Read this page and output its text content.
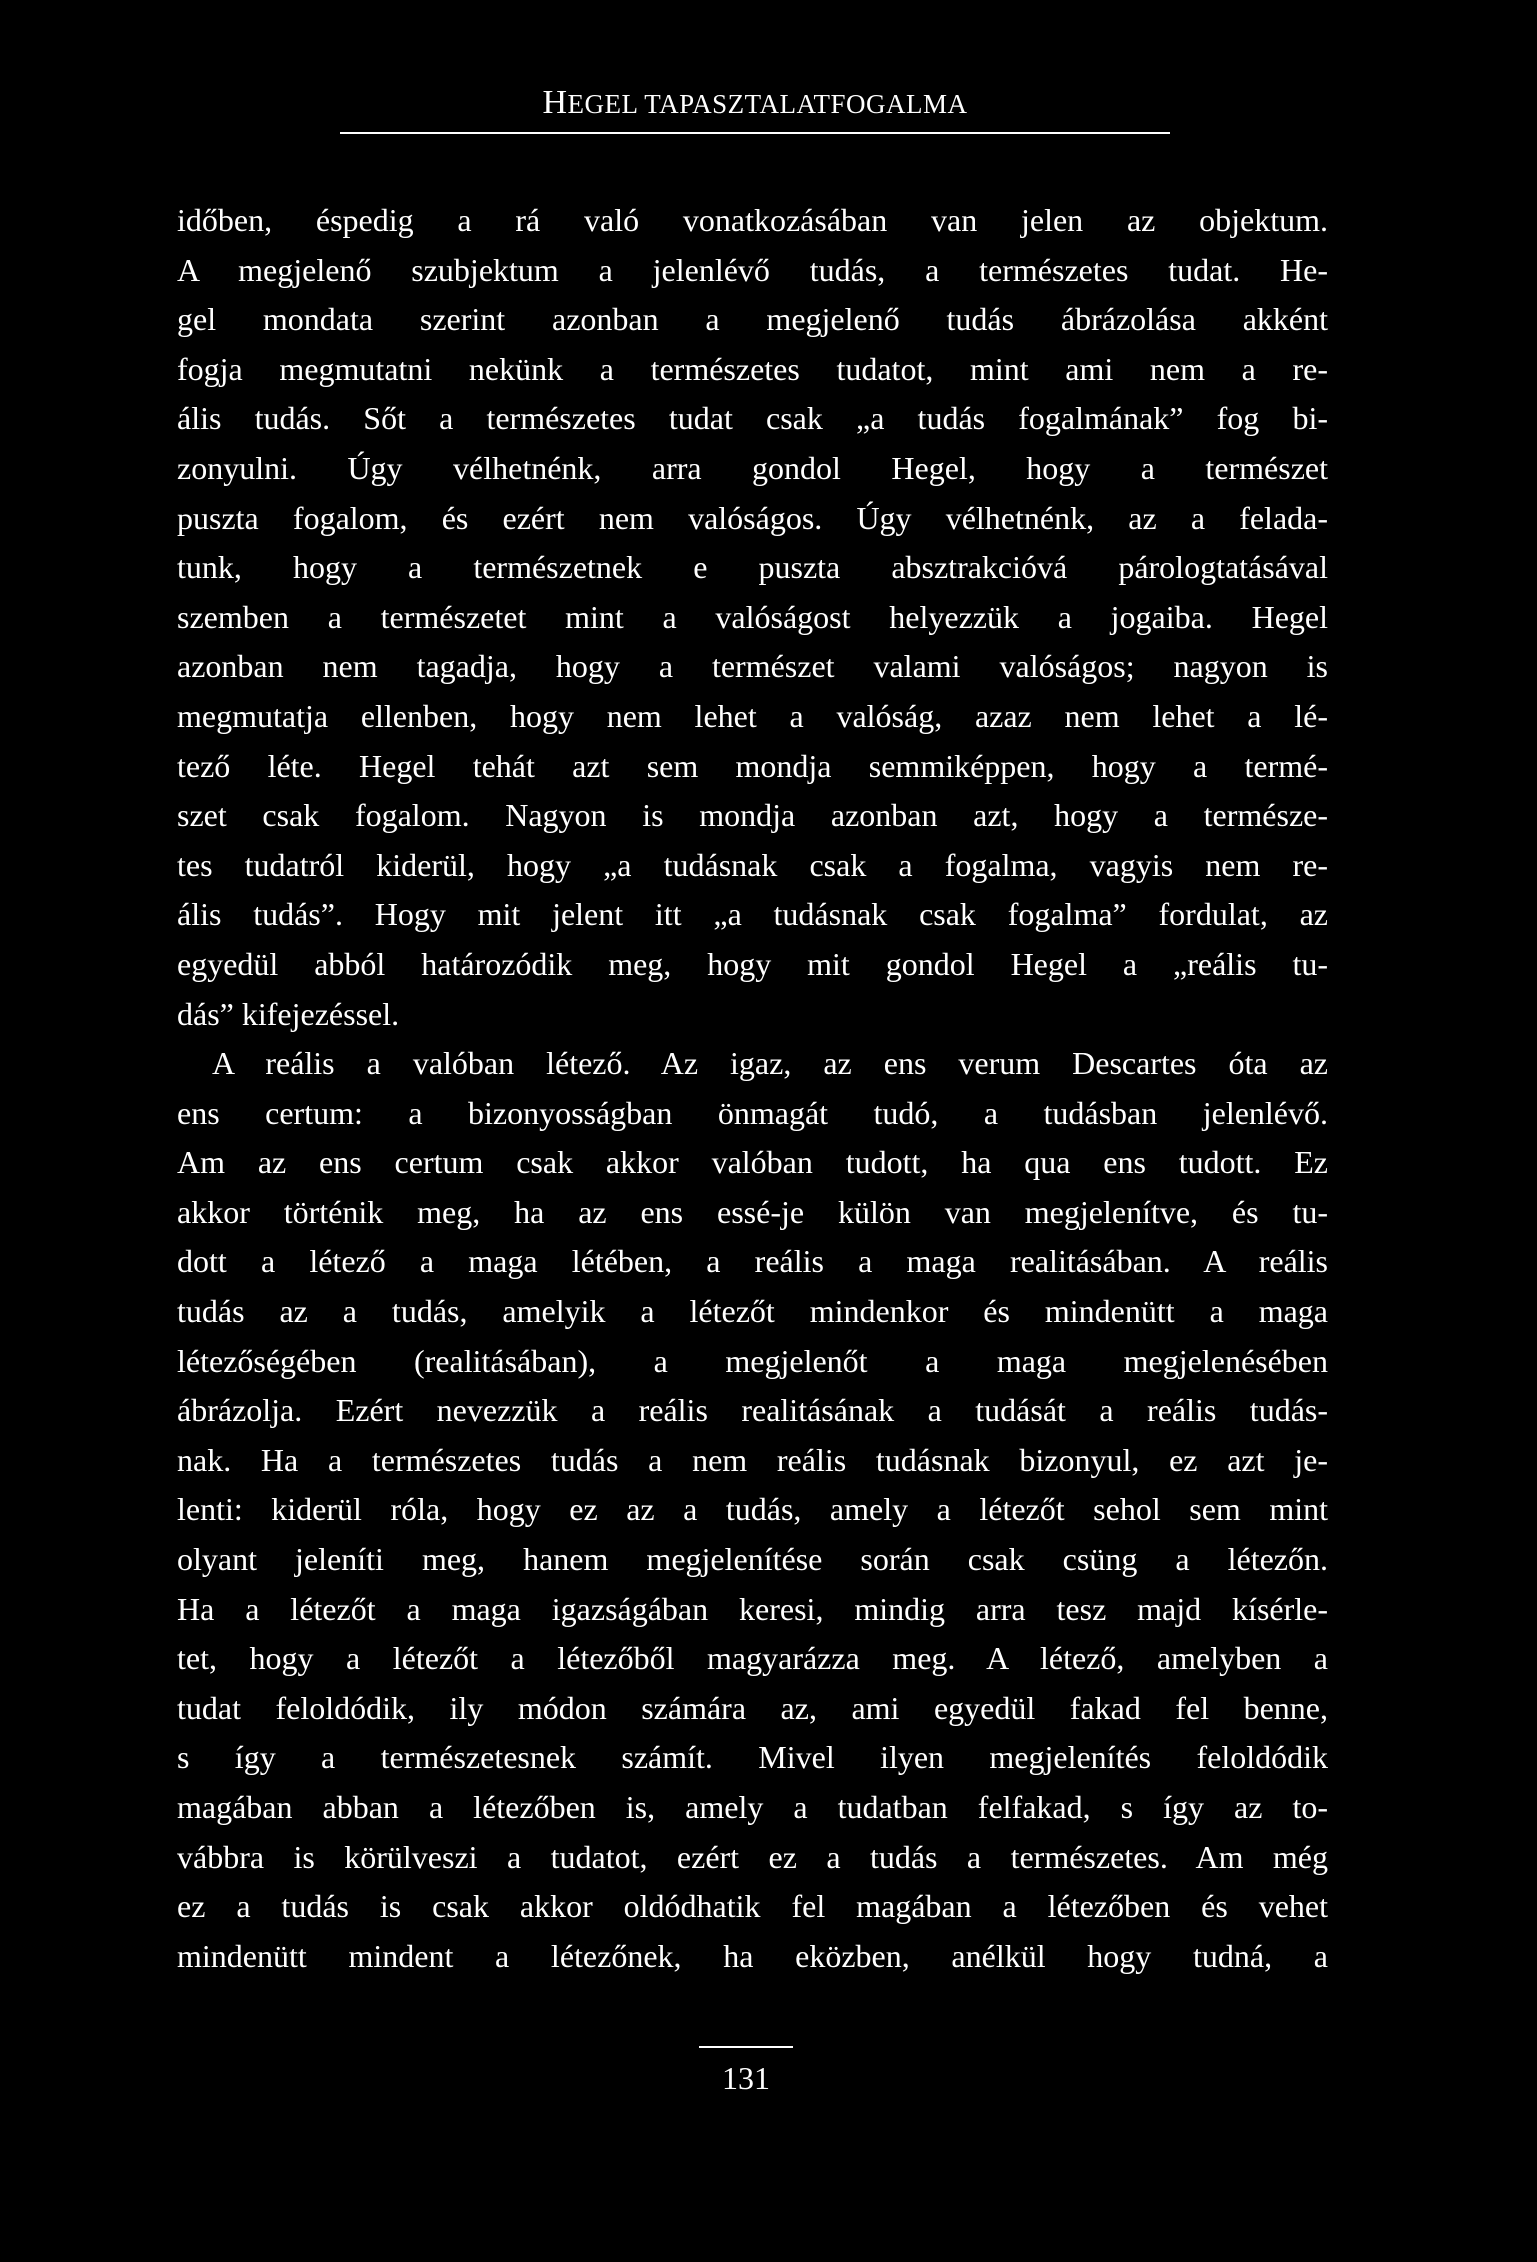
HEGEL TAPASZTALATFOGALMA
időben, éspedig a rá való vonatkozásában van jelen az objektum.
A megjelenő szubjektum a jelenlévő tudás, a természetes tudat. He-
gel mondata szerint azonban a megjelenő tudás ábrázolása akként
fogja megmutatni nekünk a természetes tudatot, mint ami nem a re-
ális tudás. Sőt a természetes tudat csak „a tudás fogalmának” fog bi-
zonyulni. Úgy vélhetnénk, arra gondol Hegel, hogy a természet
puszta fogalom, és ezért nem valóságos. Úgy vélhetnénk, az a felada-
tunk, hogy a természetnek e puszta absztrakcióvá párologtatásával
szemben a természetet mint a valóságost helyezzük a jogaiba. Hegel
azonban nem tagadja, hogy a természet valami valóságos; nagyon is
megmutatja ellenben, hogy nem lehet a valóság, azaz nem lehet a lé-
tező léte. Hegel tehát azt sem mondja semmiképpen, hogy a termé-
szet csak fogalom. Nagyon is mondja azonban azt, hogy a természe-
tes tudatról kiderül, hogy „a tudásnak csak a fogalma, vagyis nem re-
ális tudás”. Hogy mit jelent itt „a tudásnak csak fogalma” fordulat, az
egyedül abból határozódik meg, hogy mit gondol Hegel a „reális tu-
dás” kifejezéssel.
A reális a valóban létező. Az igaz, az ens verum Descartes óta az
ens certum: a bizonyosságban önmagát tudó, a tudásban jelenlévő.
Am az ens certum csak akkor valóban tudott, ha qua ens tudott. Ez
akkor történik meg, ha az ens essé-je külön van megjelenítve, és tu-
dott a létező a maga létében, a reális a maga realitásában. A reális
tudás az a tudás, amelyik a létezőt mindenkor és mindenütt a maga
létezőségében (realitásában), a megjelenőt a maga megjelenésében
ábrázolja. Ezért nevezzük a reális realitásának a tudását a reális tudás-
nak. Ha a természetes tudás a nem reális tudásnak bizonyul, ez azt je-
lenti: kiderül róla, hogy ez az a tudás, amely a létezőt sehol sem mint
olyant jeleníti meg, hanem megjelenítése során csak csüng a létezőn.
Ha a létezőt a maga igazságában keresi, mindig arra tesz majd kísérle-
tet, hogy a létezőt a létezőből magyarázza meg. A létező, amelyben a
tudat feloldódik, ily módon számára az, ami egyedül fakad fel benne,
s így a természetesnek számít. Mivel ilyen megjelenítés feloldódik
magában abban a létezőben is, amely a tudatban felfakad, s így az to-
vábbra is körülveszi a tudatot, ezért ez a tudás a természetes. Am még
ez a tudás is csak akkor oldódhatik fel magában a létezőben és vehet
mindenütt mindent a létezőnek, ha eközben, anélkül hogy tudná, a
131
